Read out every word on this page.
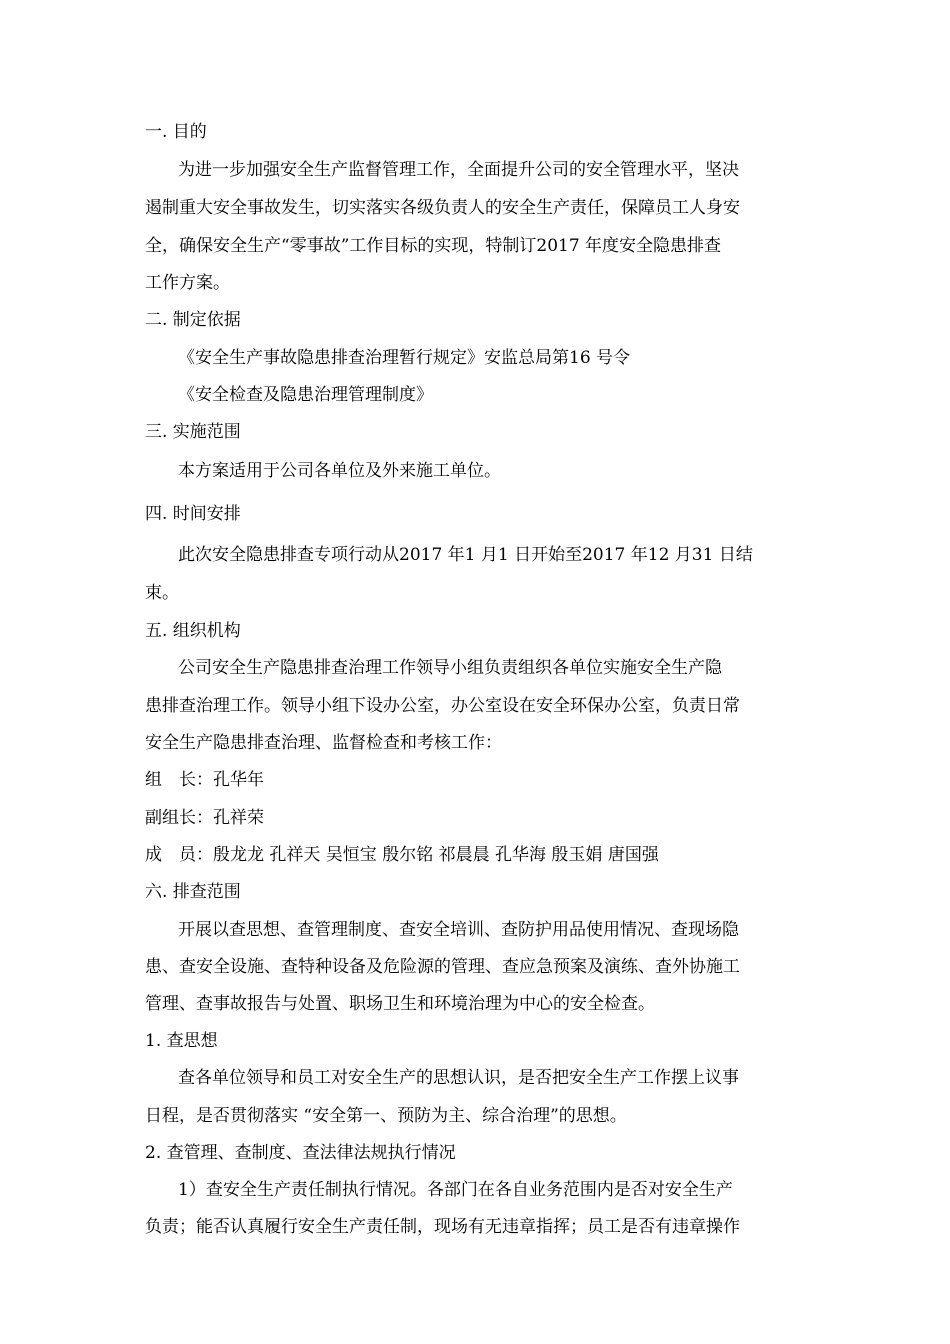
一. 目的
为进一步加强安全生产监督管理工作，全面提升公司的安全管理水平，坚决
遏制重大安全事故发生，切实落实各级负责人的安全生产责任，保障员工人身安
全，确保安全生产“零事故”工作目标的实现，特制订2017 年度安全隐患排查
工作方案。
二. 制定依据
《安全生产事故隐患排查治理暂行规定》安监总局第16 号令
《安全检查及隐患治理管理制度》
三. 实施范围
本方案适用于公司各单位及外来施工单位。
四. 时间安排
此次安全隐患排查专项行动从2017 年1 月1 日开始至2017 年12 月31 日结
束。
五. 组织机构
公司安全生产隐患排查治理工作领导小组负责组织各单位实施安全生产隐
患排查治理工作。领导小组下设办公室，办公室设在安全环保办公室，负责日常
安全生产隐患排查治理、监督检查和考核工作：
组　长：孔华年
副组长：孔祥荣
成　员：殷龙龙 孔祥天 吴恒宝 殷尔铭 祁晨晨 孔华海 殷玉娟 唐国强
六. 排查范围
开展以查思想、查管理制度、查安全培训、查防护用品使用情况、查现场隐
患、查安全设施、查特种设备及危险源的管理、查应急预案及演练、查外协施工
管理、查事故报告与处置、职场卫生和环境治理为中心的安全检查。
1. 查思想
查各单位领导和员工对安全生产的思想认识，是否把安全生产工作摆上议事
日程，是否贯彻落实 “安全第一、预防为主、综合治理”的思想。
2. 查管理、查制度、查法律法规执行情况
1）查安全生产责任制执行情况。各部门在各自业务范围内是否对安全生产
负责；能否认真履行安全生产责任制，现场有无违章指挥；员工是否有违章操作
